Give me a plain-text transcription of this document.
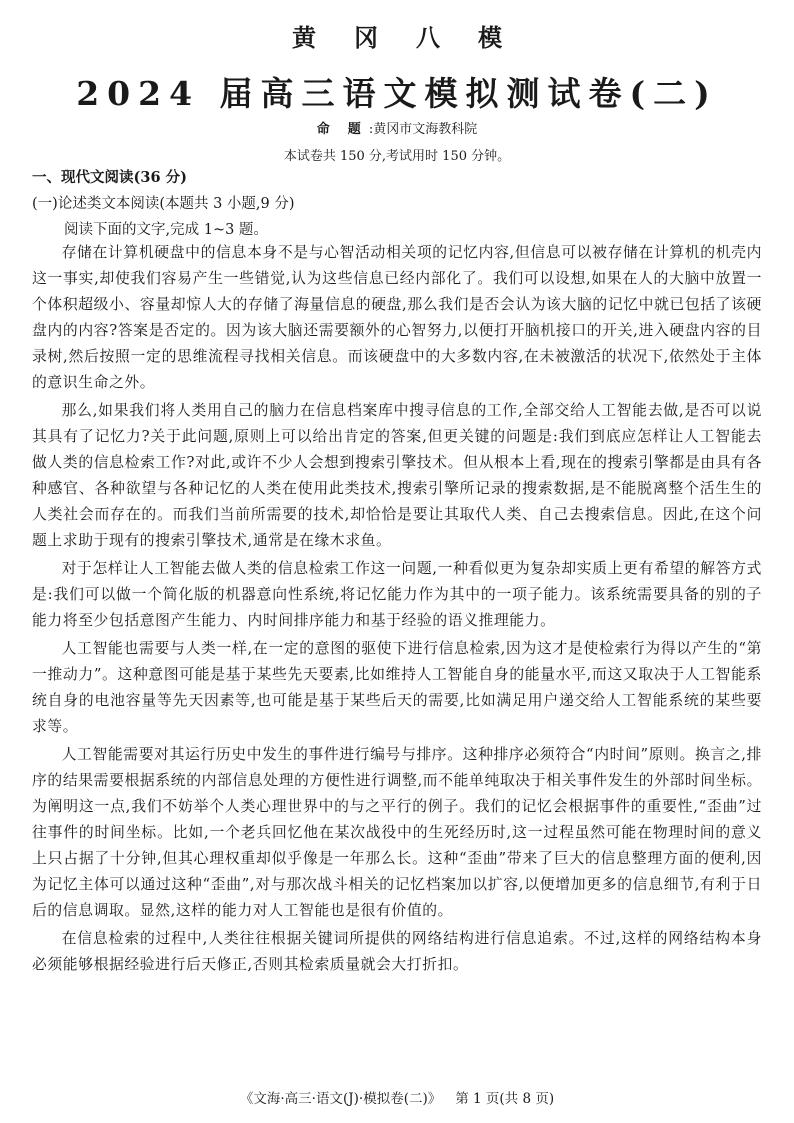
黄冈八模
2024 届高三语文模拟测试卷(二)
命题:黄冈市文海教科院
本试卷共 150 分,考试用时 150 分钟。
一、现代文阅读(36 分)
(一)论述类文本阅读(本题共 3 小题,9 分)
阅读下面的文字,完成 1~3 题。

存储在计算机硬盘中的信息本身不是与心智活动相关项的记忆内容,但信息可以被存储在计算机的机壳内这一事实,却使我们容易产生一些错觉,认为这些信息已经内部化了。我们可以设想,如果在人的大脑中放置一个体积超级小、容量却惊人大的存储了海量信息的硬盘,那么我们是否会认为该大脑的记忆中就已包括了该硬盘内的内容?答案是否定的。因为该大脑还需要额外的心智努力,以便打开脑机接口的开关,进入硬盘内容的目录树,然后按照一定的思维流程寻找相关信息。而该硬盘中的大多数内容,在未被激活的状况下,依然处于主体的意识生命之外。

那么,如果我们将人类用自己的脑力在信息档案库中搜寻信息的工作,全部交给人工智能去做,是否可以说其具有了记忆力?关于此问题,原则上可以给出肯定的答案,但更关键的问题是:我们到底应怎样让人工智能去做人类的信息检索工作?对此,或许不少人会想到搜索引擎技术。但从根本上看,现在的搜索引擎都是由具有各种感官、各种欲望与各种记忆的人类在使用此类技术,搜索引擎所记录的搜索数据,是不能脱离整个活生生的人类社会而存在的。而我们当前所需要的技术,却恰恰是要让其取代人类、自己去搜索信息。因此,在这个问题上求助于现有的搜索引擎技术,通常是在缘木求鱼。

对于怎样让人工智能去做人类的信息检索工作这一问题,一种看似更为复杂却实质上更有希望的解答方式是:我们可以做一个简化版的机器意向性系统,将记忆能力作为其中的一项子能力。该系统需要具备的别的子能力将至少包括意图产生能力、内时间排序能力和基于经验的语义推理能力。

人工智能也需要与人类一样,在一定的意图的驱使下进行信息检索,因为这才是使检索行为得以产生的“第一推动力”。这种意图可能是基于某些先天要素,比如维持人工智能自身的能量水平,而这又取决于人工智能系统自身的电池容量等先天因素等,也可能是基于某些后天的需要,比如满足用户递交给人工智能系统的某些要求等。

人工智能需要对其运行历史中发生的事件进行编号与排序。这种排序必须符合“内时间”原则。换言之,排序的结果需要根据系统的内部信息处理的方便性进行调整,而不能单纯取决于相关事件发生的外部时间坐标。为阐明这一点,我们不妨举个人类心理世界中的与之平行的例子。我们的记忆会根据事件的重要性,“歪曲”过往事件的时间坐标。比如,一个老兵回忆他在某次战役中的生死经历时,这一过程虽然可能在物理时间的意义上只占据了十分钟,但其心理权重却似乎像是一年那么长。这种“歪曲”带来了巨大的信息整理方面的便利,因为记忆主体可以通过这种“歪曲”,对与那次战斗相关的记忆档案加以扩容,以便增加更多的信息细节,有利于日后的信息调取。显然,这样的能力对人工智能也是很有价值的。

在信息检索的过程中,人类往往根据关键词所提供的网络结构进行信息追索。不过,这样的网络结构本身必须能够根据经验进行后天修正,否则其检索质量就会大打折扣。

《文海·高三·语文(J)·模拟卷(二)》 第 1 页(共 8 页)
